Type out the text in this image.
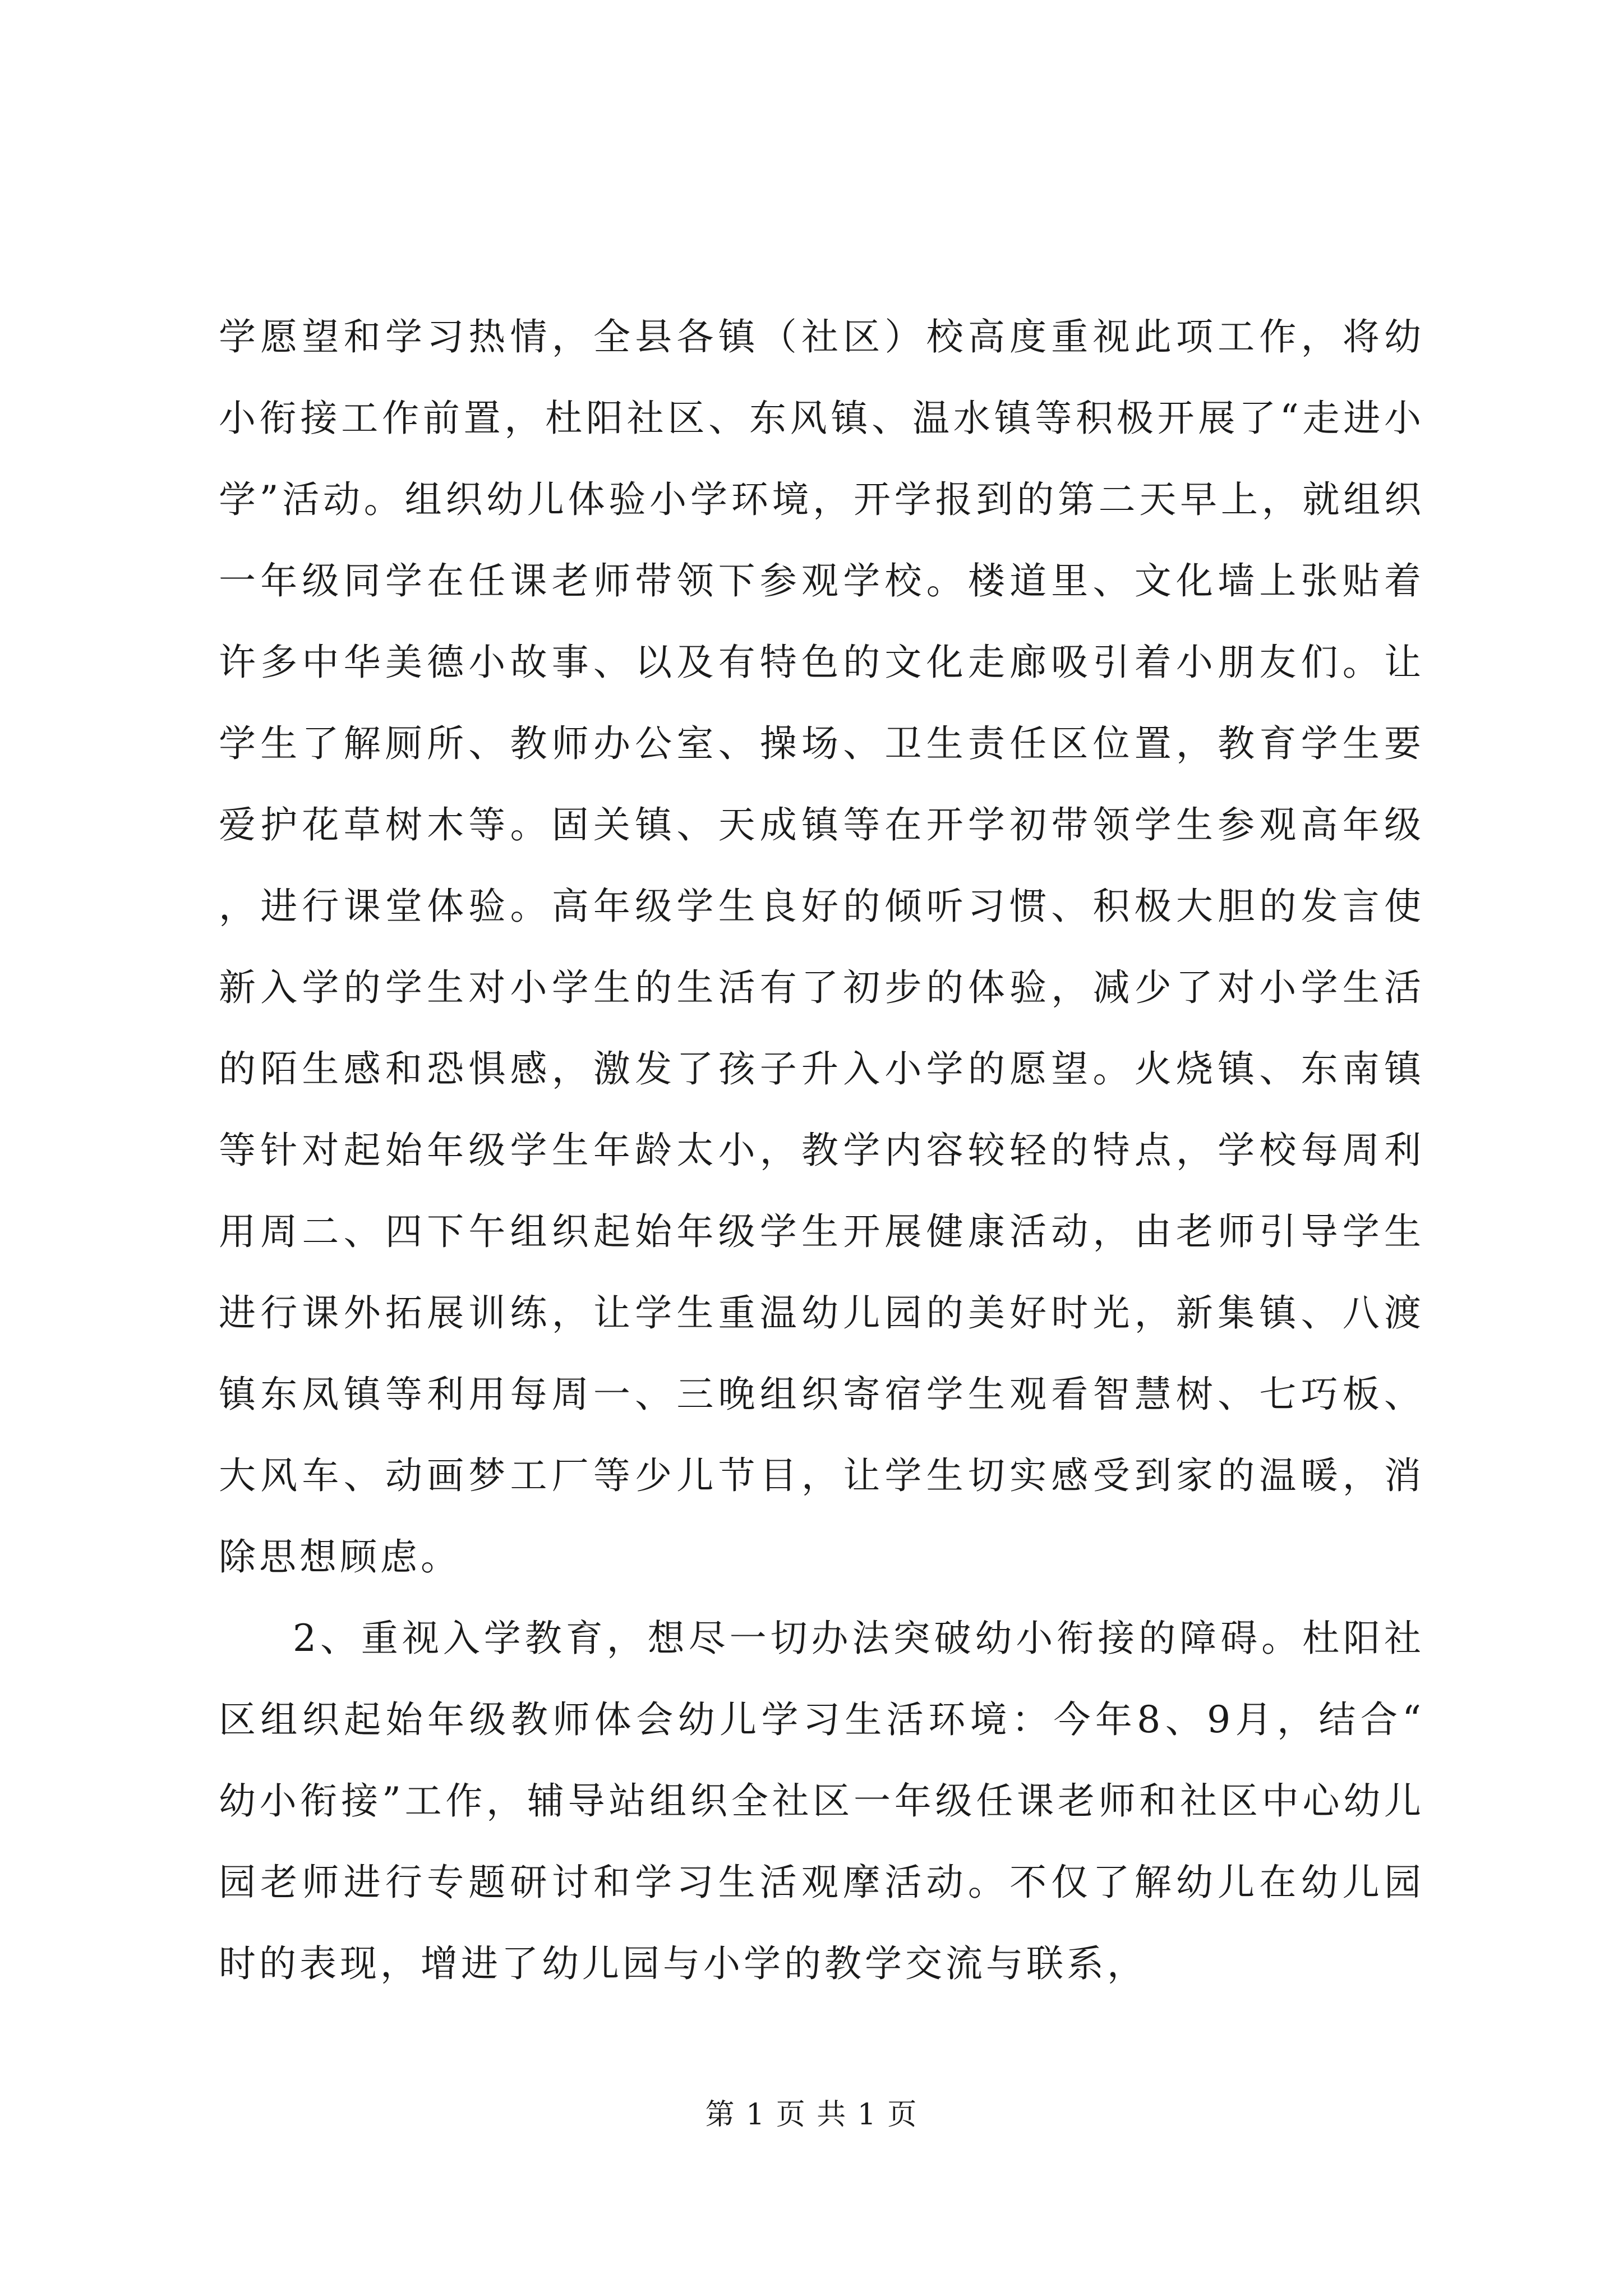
学愿望和学习热情，全县各镇（社区）校高度重视此项工作，将幼小衔接工作前置，杜阳社区、东风镇、温水镇等积极开展了“走进小学”活动。组织幼儿体验小学环境，开学报到的第二天早上，就组织一年级同学在任课老师带领下参观学校。楼道里、文化墙上张贴着许多中华美德小故事、以及有特色的文化走廊吸引着小朋友们。让学生了解厕所、教师办公室、操场、卫生责任区位置，教育学生要爱护花草树木等。固关镇、天成镇等在开学初带领学生参观高年级，进行课堂体验。高年级学生良好的倾听习惯、积极大胆的发言使新入学的学生对小学生的生活有了初步的体验，减少了对小学生活的陌生感和恐惧感，激发了孩子升入小学的愿望。火烧镇、东南镇等针对起始年级学生年龄太小，教学内容较轻的特点，学校每周利用周二、四下午组织起始年级学生开展健康活动，由老师引导学生进行课外拓展训练，让学生重温幼儿园的美好时光，新集镇、八渡镇东凤镇等利用每周一、三晚组织寄宿学生观看智慧树、七巧板、大风车、动画梦工厂等少儿节目，让学生切实感受到家的温暖，消除思想顾虑。

2、重视入学教育，想尽一切办法突破幼小衔接的障碍。杜阳社区组织起始年级教师体会幼儿学习生活环境：今年8、9月，结合“幼小衔接”工作，辅导站组织全社区一年级任课老师和社区中心幼儿园老师进行专题研讨和学习生活观摩活动。不仅了解幼儿在幼儿园时的表现，增进了幼儿园与小学的教学交流与联系，

第 1 页 共 1 页
